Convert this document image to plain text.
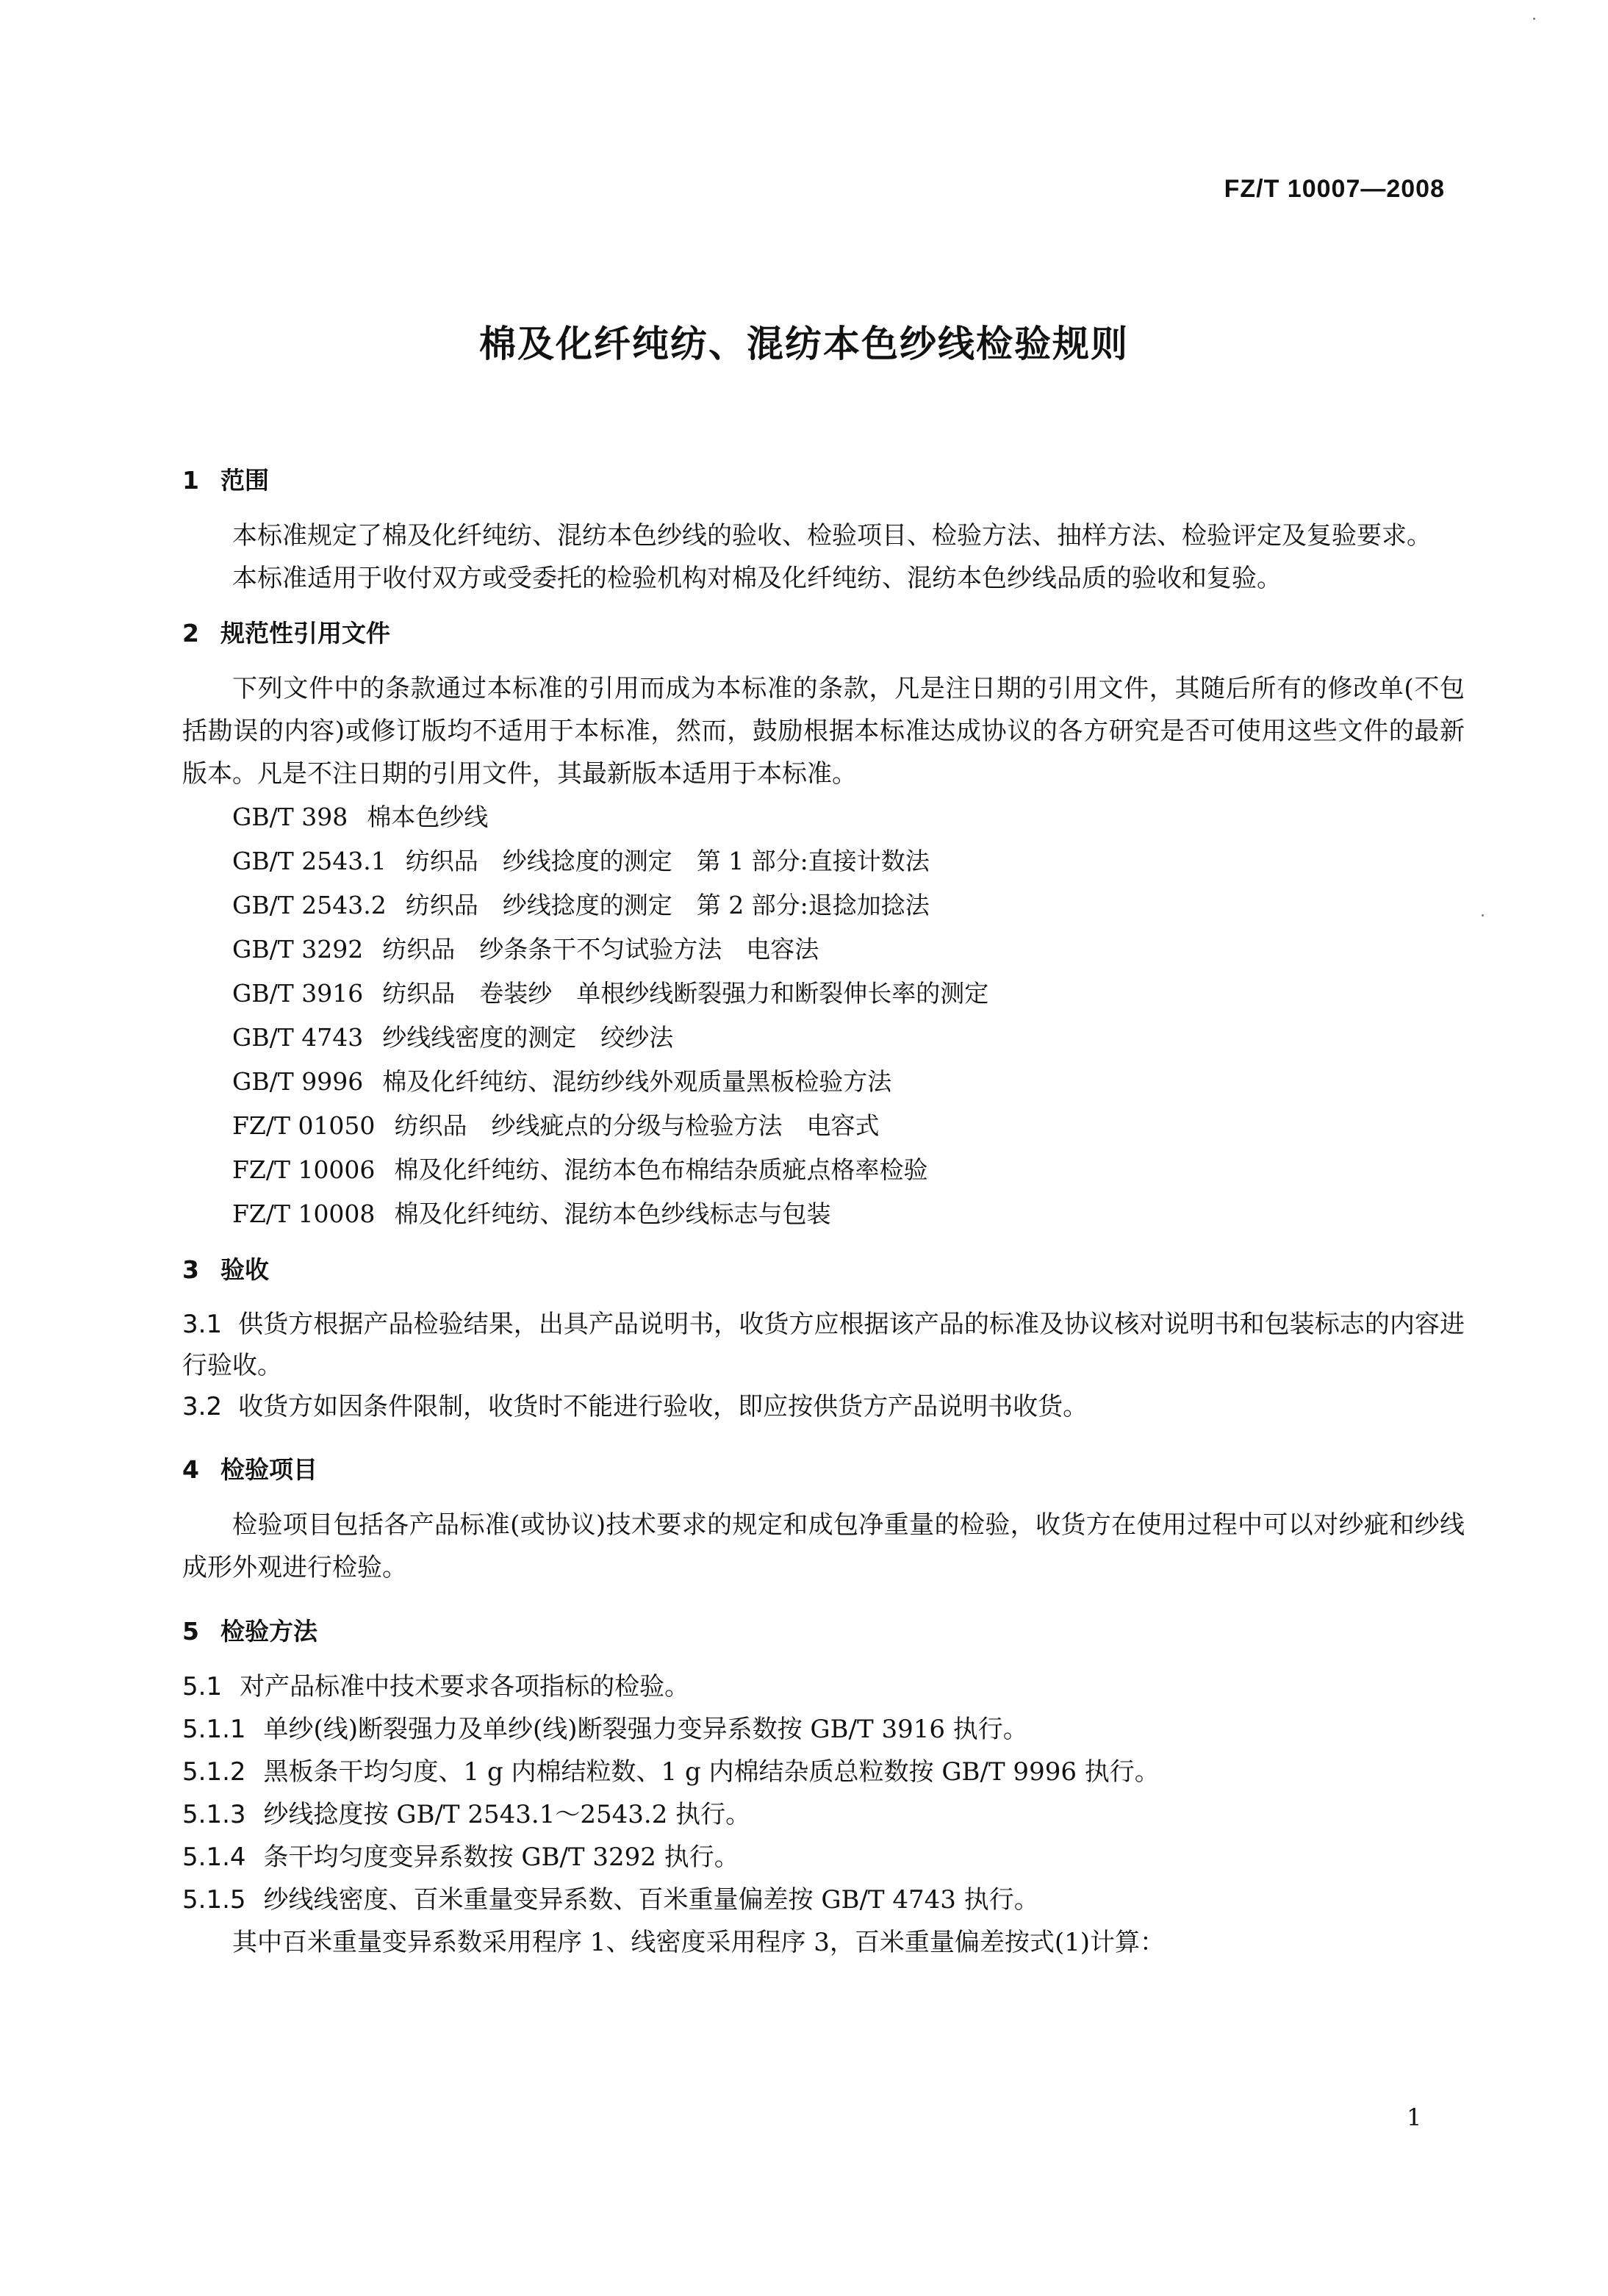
FZ/T 10007—2008
棉及化纤纯纺、混纺本色纱线检验规则
1 范围

本标准规定了棉及化纤纯纺、混纺本色纱线的验收、检验项目、检验方法、抽样方法、检验评定及复验要求。

本标准适用于收付双方或受委托的检验机构对棉及化纤纯纺、混纺本色纱线品质的验收和复验。

2 规范性引用文件

下列文件中的条款通过本标准的引用而成为本标准的条款，凡是注日期的引用文件，其随后所有的修改单(不包括勘误的内容)或修订版均不适用于本标准，然而，鼓励根据本标准达成协议的各方研究是否可使用这些文件的最新版本。凡是不注日期的引用文件，其最新版本适用于本标准。

GB/T 398 棉本色纱线
GB/T 2543.1 纺织品　纱线捻度的测定　第 1 部分:直接计数法
GB/T 2543.2 纺织品　纱线捻度的测定　第 2 部分:退捻加捻法
GB/T 3292 纺织品　纱条条干不匀试验方法　电容法
GB/T 3916 纺织品　卷装纱　单根纱线断裂强力和断裂伸长率的测定
GB/T 4743 纱线线密度的测定　绞纱法
GB/T 9996 棉及化纤纯纺、混纺纱线外观质量黑板检验方法
FZ/T 01050 纺织品　纱线疵点的分级与检验方法　电容式
FZ/T 10006 棉及化纤纯纺、混纺本色布棉结杂质疵点格率检验
FZ/T 10008 棉及化纤纯纺、混纺本色纱线标志与包装
3 验收

3.1 供货方根据产品检验结果，出具产品说明书，收货方应根据该产品的标准及协议核对说明书和包装标志的内容进行验收。

3.2 收货方如因条件限制，收货时不能进行验收，即应按供货方产品说明书收货。

4 检验项目

检验项目包括各产品标准(或协议)技术要求的规定和成包净重量的检验，收货方在使用过程中可以对纱疵和纱线成形外观进行检验。

5 检验方法
5.1 对产品标准中技术要求各项指标的检验。
5.1.1 单纱(线)断裂强力及单纱(线)断裂强力变异系数按 GB/T 3916 执行。
5.1.2 黑板条干均匀度、1 g 内棉结粒数、1 g 内棉结杂质总粒数按 GB/T 9996 执行。
5.1.3 纱线捻度按 GB/T 2543.1～2543.2 执行。
5.1.4 条干均匀度变异系数按 GB/T 3292 执行。
5.1.5 纱线线密度、百米重量变异系数、百米重量偏差按 GB/T 4743 执行。

其中百米重量变异系数采用程序 1、线密度采用程序 3，百米重量偏差按式(1)计算：

1
